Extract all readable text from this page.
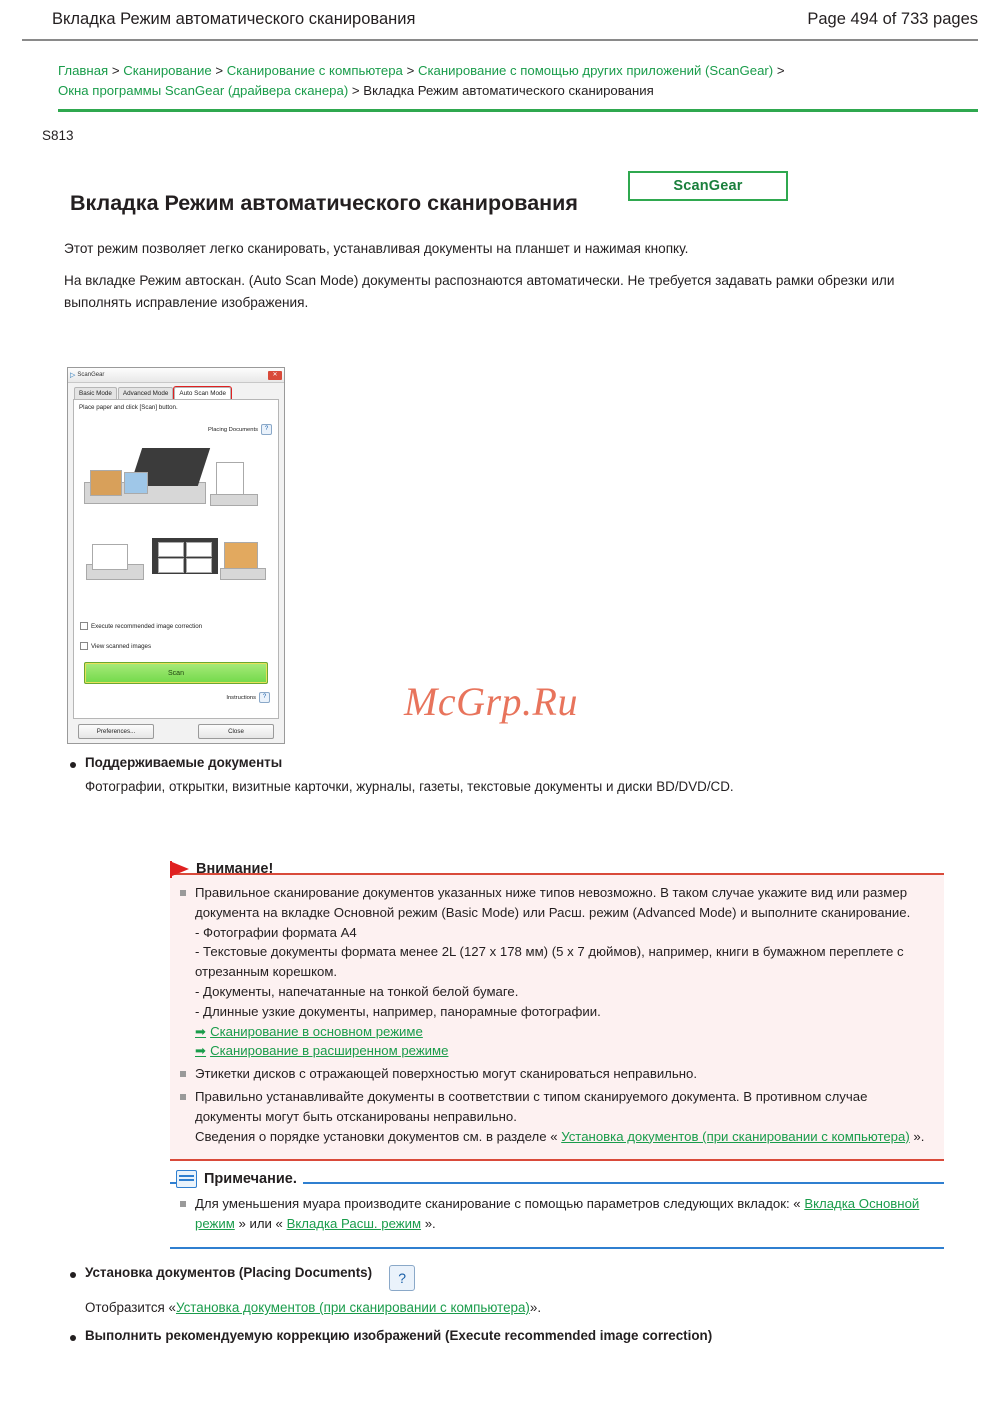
Вкладка Режим автоматического сканирования	Page 494 of 733 pages
Главная > Сканирование > Сканирование с компьютера > Сканирование с помощью других приложений (ScanGear) > Окна программы ScanGear (драйвера сканера) > Вкладка Режим автоматического сканирования
S813
ScanGear
Вкладка Режим автоматического сканирования

Этот режим позволяет легко сканировать, устанавливая документы на планшет и нажимая кнопку.

На вкладке Режим автоскан. (Auto Scan Mode) документы распознаются автоматически. Не требуется задавать рамки обрезки или выполнять исправление изображения.

▷ ScanGear	✕
Basic Mode	Advanced Mode	Auto Scan Mode
Place paper and click [Scan] button.
Placing Documents	?
Execute recommended image correction
View scanned images
Scan
Instructions	?
Preferences...	Close
McGrp.Ru
Поддерживаемые документы
Фотографии, открытки, визитные карточки, журналы, газеты, текстовые документы и диски BD/DVD/CD.
Внимание!
Правильное сканирование документов указанных ниже типов невозможно. В таком случае укажите вид или размер документа на вкладке Основной режим (Basic Mode) или Расш. режим (Advanced Mode) и выполните сканирование.
- Фотографии формата A4
- Текстовые документы формата менее 2L (127 x 178 мм) (5 x 7 дюймов), например, книги в бумажном переплете с отрезанным корешком.
- Документы, напечатанные на тонкой белой бумаге.
- Длинные узкие документы, например, панорамные фотографии.

➡ Сканирование в основном режиме
➡ Сканирование в расширенном режиме
Этикетки дисков с отражающей поверхностью могут сканироваться неправильно.
Правильно устанавливайте документы в соответствии с типом сканируемого документа. В противном случае документы могут быть отсканированы неправильно.
Сведения о порядке установки документов см. в разделе « Установка документов (при сканировании с компьютера) ».
Примечание.
Для уменьшения муара производите сканирование с помощью параметров следующих вкладок: « Вкладка Основной режим » или « Вкладка Расш. режим ».
Установка документов (Placing Documents)	?
Отобразится «Установка документов (при сканировании с компьютера)».
Выполнить рекомендуемую коррекцию изображений (Execute recommended image correction)
